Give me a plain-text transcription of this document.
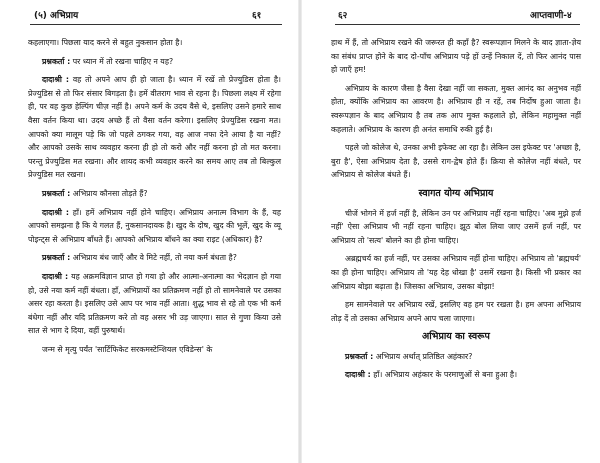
(५) अभिप्राय	६१

कहलाएगा। पिछला याद करने से बहुत नुकसान होता है।

प्रश्नकर्ता : पर ध्यान में तो रखना चाहिए न यह?

दादाश्री : वह तो अपने आप ही हो जाता है। ध्यान में रखें तो प्रेज्युडिस होता है। प्रेज्युडिस से तो फिर संसार बिगड़ता है। हमें वीतराग भाव से रहना है। पिछला लक्ष्य में रहेगा ही, पर वह कुछ हेल्पिंग चीज़ नहीं है। अपने कर्म के उदय वैसे थे, इसलिए उसने हमारे साथ वैसा वर्तन किया था। उदय अच्छे हैं तो वैसा वर्तन करेगा। इसलिए प्रेज्युडिस रखना मत। आपको क्या मालूम पड़े कि जो पहले ठगकर गया, वह आज नफा देने आया है या नहीं? और आपको उसके साथ व्यवहार करना ही हो तो करो और नहीं करना हो तो मत करना। परन्तु प्रेज्युडिस मत रखना। और शायद कभी व्यवहार करने का समय आए तब तो बिल्कुल प्रेज्युडिस मत रखना।

प्रश्नकर्ता : अभिप्राय कौनसा तोड़ते हैं?

दादाश्री : हाँ। हमें अभिप्राय नहीं होने चाहिए। अभिप्राय अनात्म विभाग के हैं, यह आपको समझना है कि ये गलत हैं, नुकसानदायक है। खुद के दोष, खुद की भूलें, खुद के व्यू पोइन्ट्स से अभिप्राय बाँधते हैं। आपको अभिप्राय बाँधने का क्या राइट (अधिकार) है?

प्रश्नकर्ता : अभिप्राय बंध जाएँ और वे मिटे नहीं, तो नया कर्म बंधता है?

दादाश्री : यह अक्रमविज्ञान प्राप्त हो गया हो और आत्मा-अनात्मा का भेदज्ञान हो गया हो, उसे नया कर्म नहीं बंधता। हाँ, अभिप्रायों का प्रतिक्रमण नहीं हो तो सामनेवाले पर उसका असर रहा करता है। इसलिए उसे आप पर भाव नहीं आता। शुद्ध भाव से रहे तो एक भी कर्म बंधेगा नहीं और यदि प्रतिक्रमण करे तो वह असर भी उड़ जाएगा। सात से गुणा किया उसे सात से भाग दे दिया, वहीं पुरुषार्थ।

जन्म से मृत्यु पर्यंत 'सार्टिफिकेट सरकमस्टेन्शियल एविडेन्स' के

६२	आप्तवाणी-४

हाथ में हैं, तो अभिप्राय रखने की जरूरत ही कहाँ है? स्वरूपज्ञान मिलने के बाद ज्ञाता-ज्ञेय का संबंध प्राप्त होने के बाद दो-पाँच अभिप्राय पड़े हों उन्हें निकाल दें, तो फिर आनंद पास हो जाएँ हम!

अभिप्राय के कारण जैसा है वैसा देखा नहीं जा सकता, मुक्त आनंद का अनुभव नहीं होता, क्योंकि अभिप्राय का आवरण है। अभिप्राय ही न रहें, तब निर्दोष हुआ जाता है। स्वरूपज्ञान के बाद अभिप्राय है तब तक आप मुक्त कहलाते हो, लेकिन महामुक्त नहीं कहलाते। अभिप्राय के कारण ही अनंत समाधि रुकी हुई है।

पहले जो कोलेज थे, उनका अभी इफेक्ट आ रहा है। लेकिन उस इफेक्ट पर 'अच्छा है, बुरा है', ऐसा अभिप्राय देता है, उससे राग-द्वेष होते हैं। क्रिया से कोलेज नहीं बंधते, पर अभिप्राय से कोलेज बंधते हैं।

स्वागत योग्य अभिप्राय

चीजें भोगने में हर्ज नहीं है, लेकिन उन पर अभिप्राय नहीं रहना चाहिए। 'अब मुझे हर्ज नहीं' ऐसा अभिप्राय भी नहीं रहना चाहिए। झूठ बोल लिया जाए उसमें हर्ज नहीं, पर अभिप्राय तो 'सत्य' बोलने का ही होना चाहिए।

अब्रह्मचर्य का हर्ज नहीं, पर उसका अभिप्राय नहीं होना चाहिए। अभिप्राय तो 'ब्रह्मचर्य' का ही होना चाहिए। अभिप्राय तो 'यह देह धोखा है' उसमें रखना है। किसी भी प्रकार का अभिप्राय बोझा बढ़ाता है। जिसका अभिप्राय, उसका बोझा!

हम सामनेवाले पर अभिप्राय रखें, इसलिए वह हम पर रखता है। हम अपना अभिप्राय तोड़ दें तो उसका अभिप्राय अपने आप चला जाएगा।

अभिप्राय का स्वरूप

प्रश्नकर्ता : अभिप्राय अर्थात् प्रतिष्ठित अहंकार?

दादाश्री : हाँ। अभिप्राय अहंकार के परमाणुओं से बना हुआ है।
